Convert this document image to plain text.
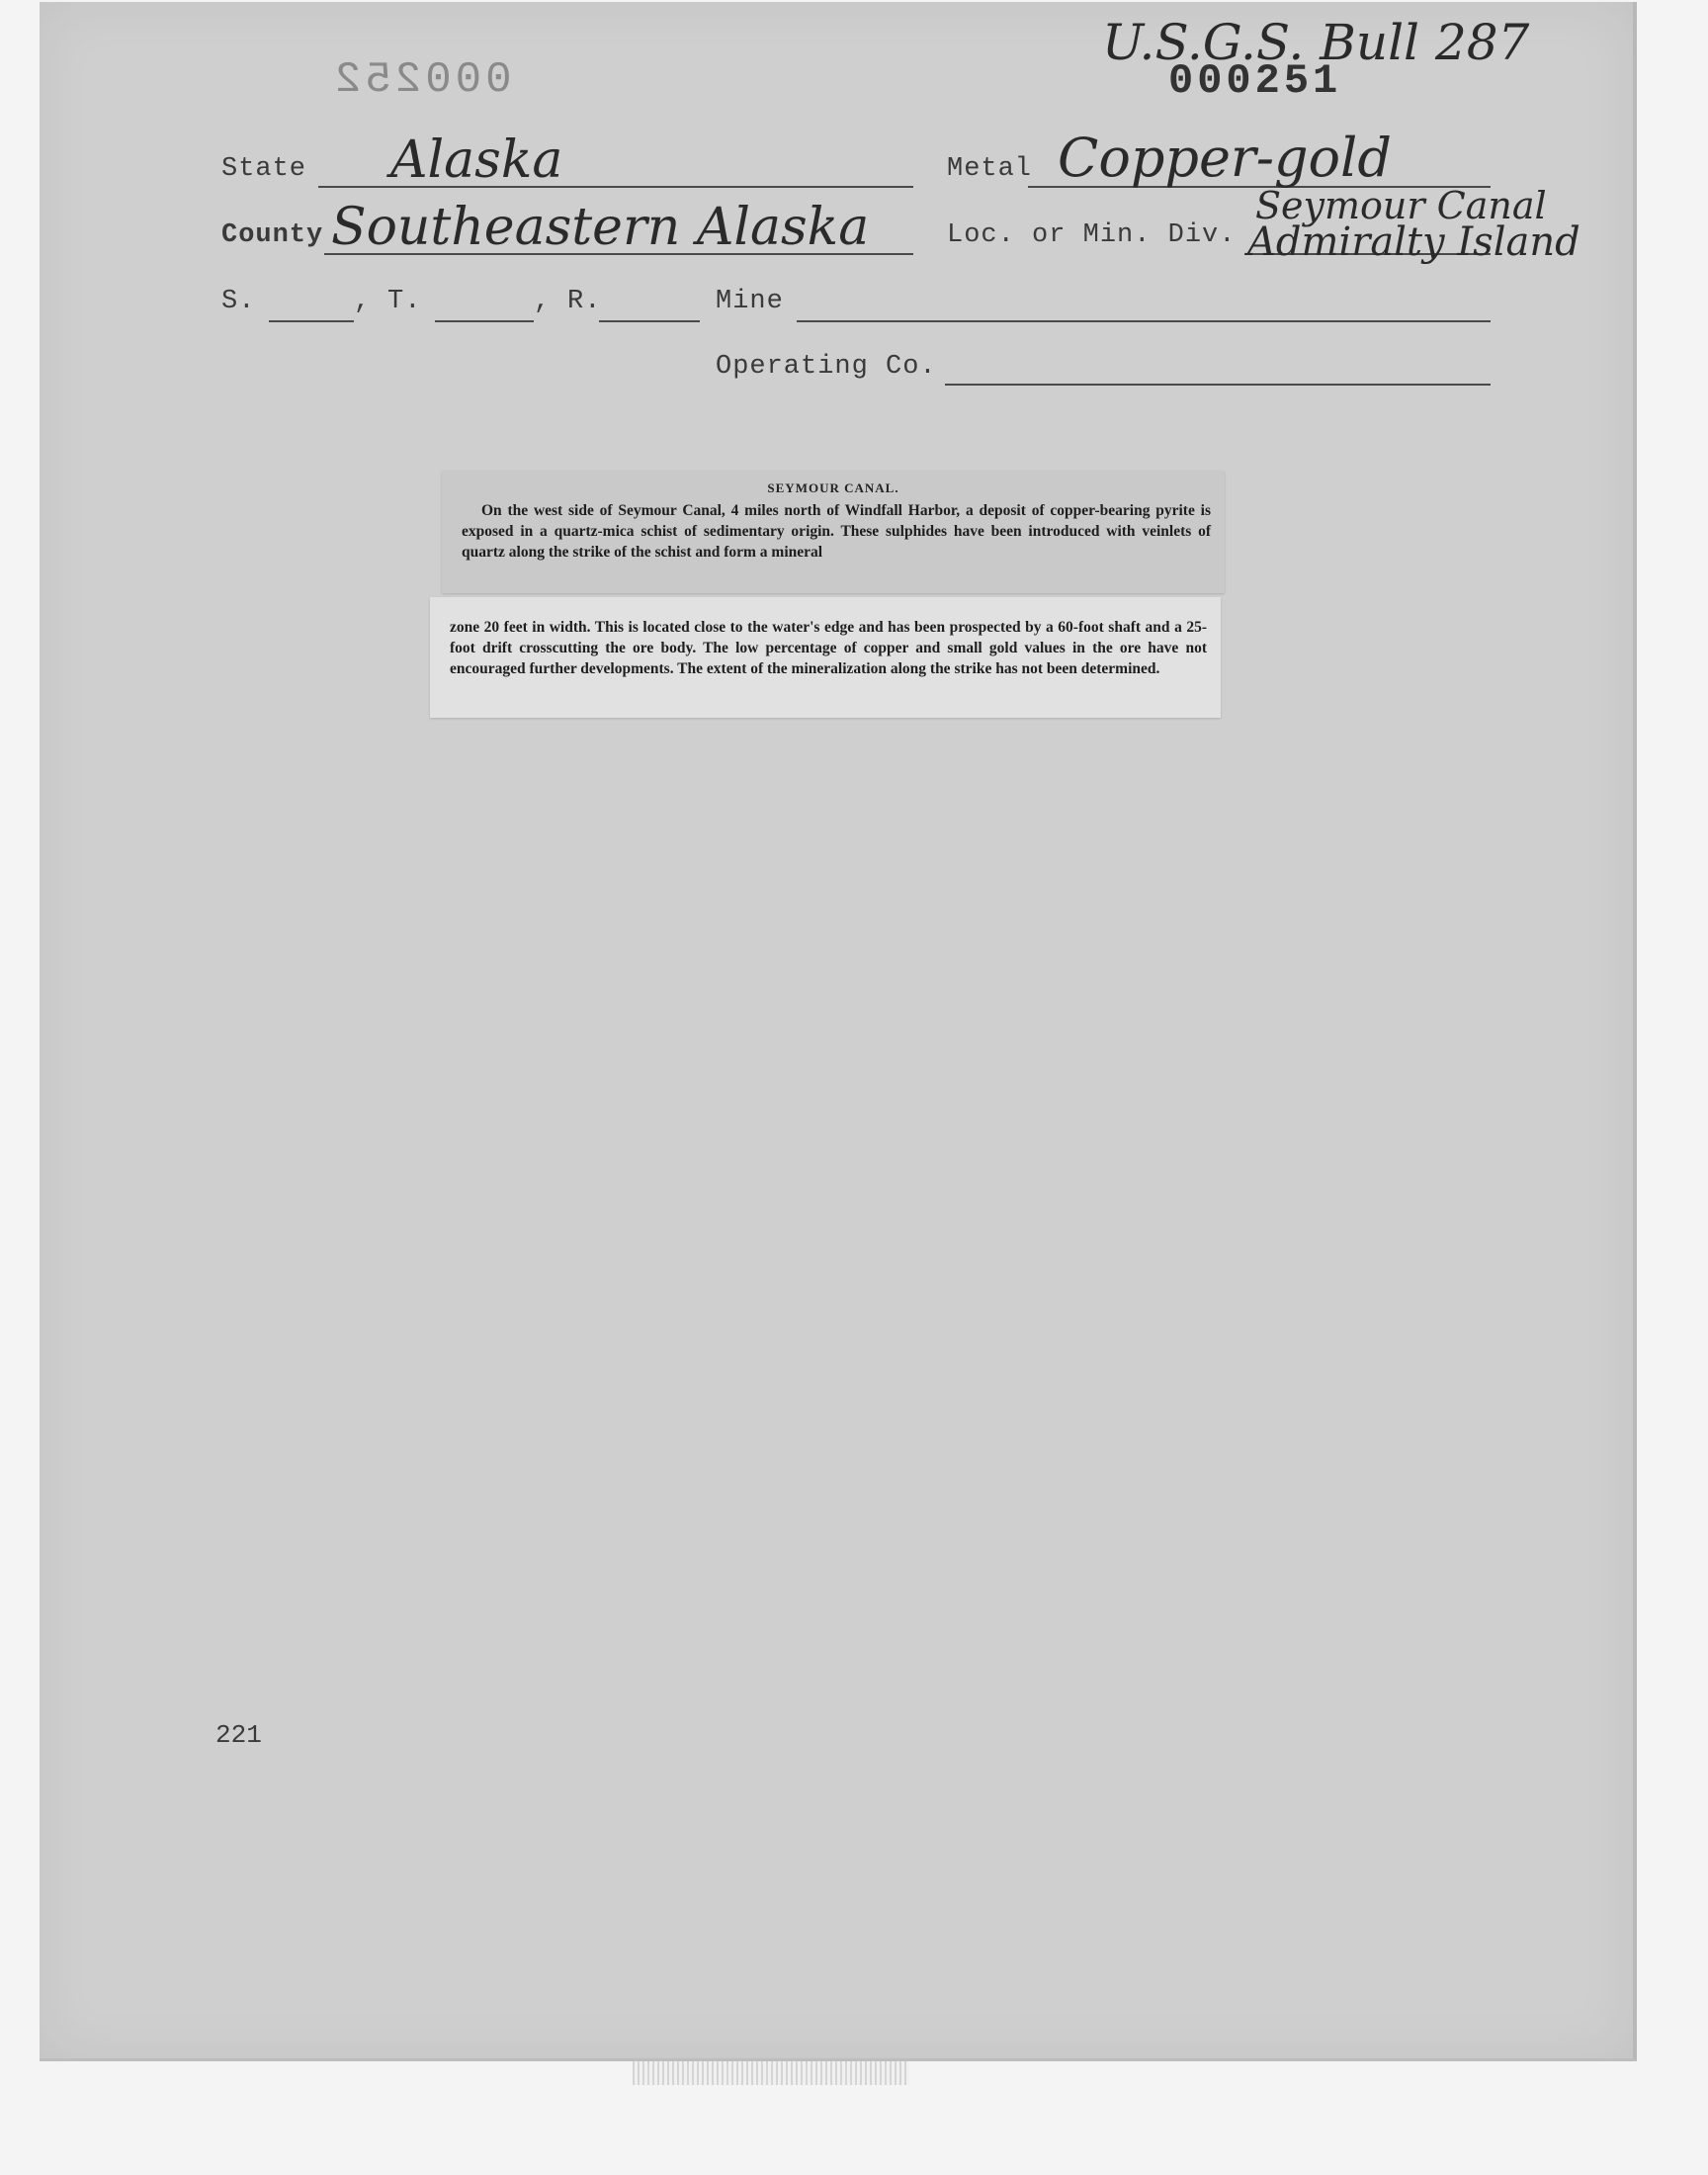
000252
U.S.G.S. Bull 287
000251
State Alaska	Metal Copper-gold
County Southeastern Alaska	Loc. or Min. Div.
Seymour Canal
Admiralty Island
S.	, T.	, R.	Mine
Operating Co.
SEYMOUR CANAL.
On the west side of Seymour Canal, 4 miles north of Windfall Harbor, a deposit of copper-bearing pyrite is exposed in a quartz-mica schist of sedimentary origin. These sulphides have been introduced with veinlets of quartz along the strike of the schist and form a mineral
zone 20 feet in width. This is located close to the water's edge and has been prospected by a 60-foot shaft and a 25-foot drift crosscutting the ore body. The low percentage of copper and small gold values in the ore have not encouraged further developments. The extent of the mineralization along the strike has not been determined.
221
